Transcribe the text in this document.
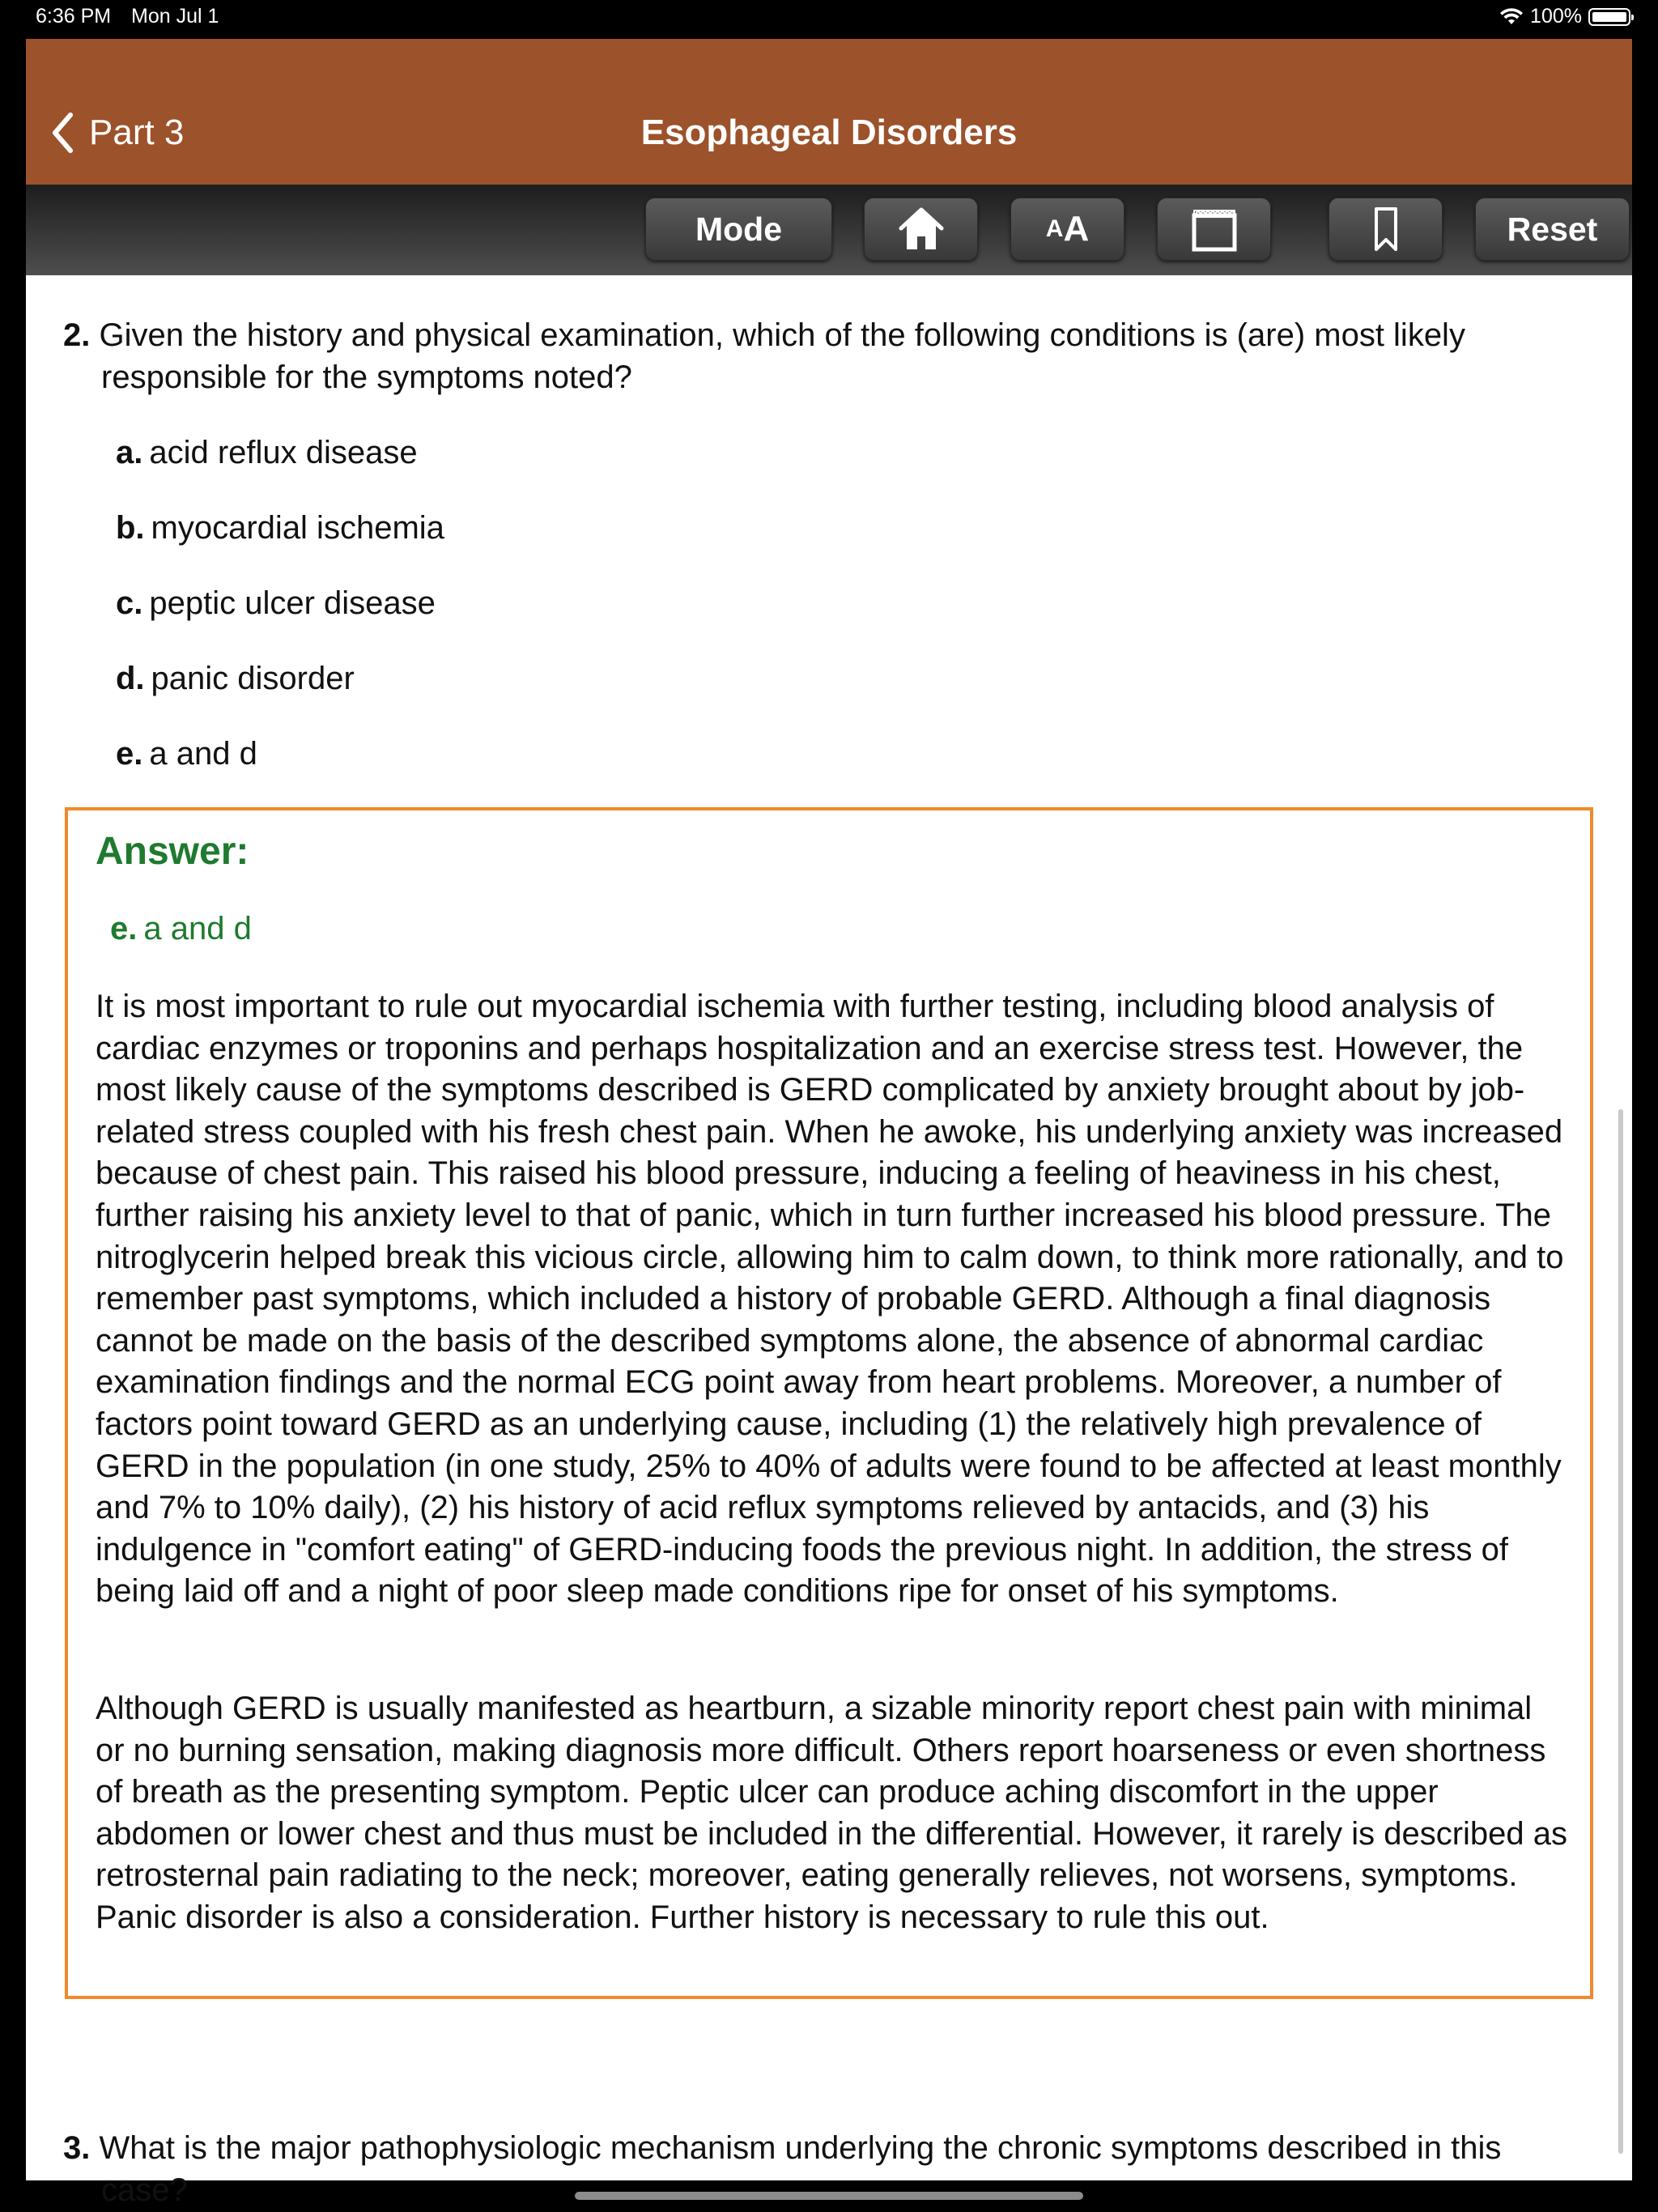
6:36 PM Mon Jul 1	100%
Part 3	Esophageal Disorders
Mode	A A	Reset
2. Given the history and physical examination, which of the following conditions is (are) most likely responsible for the symptoms noted?
a. acid reflux disease
b. myocardial ischemia
c. peptic ulcer disease
d. panic disorder
e. a and d
Answer:
e. a and d

It is most important to rule out myocardial ischemia with further testing, including blood analysis of cardiac enzymes or troponins and perhaps hospitalization and an exercise stress test. However, the most likely cause of the symptoms described is GERD complicated by anxiety brought about by job-related stress coupled with his fresh chest pain. When he awoke, his underlying anxiety was increased because of chest pain. This raised his blood pressure, inducing a feeling of heaviness in his chest, further raising his anxiety level to that of panic, which in turn further increased his blood pressure. The nitroglycerin helped break this vicious circle, allowing him to calm down, to think more rationally, and to remember past symptoms, which included a history of probable GERD. Although a final diagnosis cannot be made on the basis of the described symptoms alone, the absence of abnormal cardiac examination findings and the normal ECG point away from heart problems. Moreover, a number of factors point toward GERD as an underlying cause, including (1) the relatively high prevalence of GERD in the population (in one study, 25% to 40% of adults were found to be affected at least monthly and 7% to 10% daily), (2) his history of acid reflux symptoms relieved by antacids, and (3) his indulgence in "comfort eating" of GERD-inducing foods the previous night. In addition, the stress of being laid off and a night of poor sleep made conditions ripe for onset of his symptoms.

Although GERD is usually manifested as heartburn, a sizable minority report chest pain with minimal or no burning sensation, making diagnosis more difficult. Others report hoarseness or even shortness of breath as the presenting symptom. Peptic ulcer can produce aching discomfort in the upper abdomen or lower chest and thus must be included in the differential. However, it rarely is described as retrosternal pain radiating to the neck; moreover, eating generally relieves, not worsens, symptoms. Panic disorder is also a consideration. Further history is necessary to rule this out.

3. What is the major pathophysiologic mechanism underlying the chronic symptoms described in this case?
